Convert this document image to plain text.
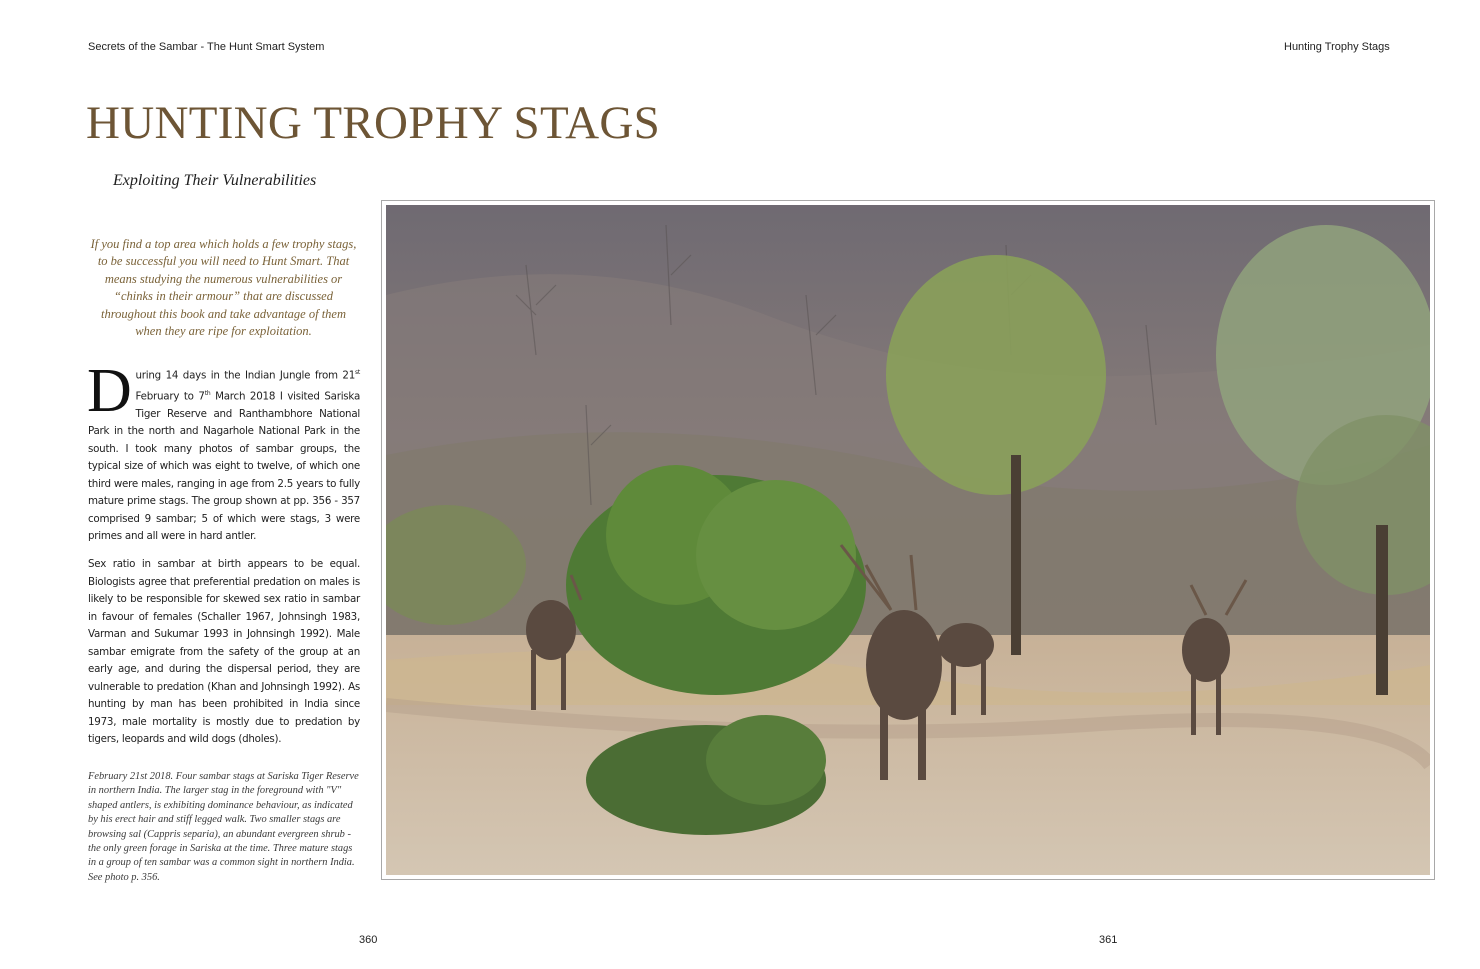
Secrets of the Sambar - The Hunt Smart System	Hunting Trophy Stags
HUNTING TROPHY STAGS
Exploiting Their Vulnerabilities
If you find a top area which holds a few trophy stags, to be successful you will need to Hunt Smart. That means studying the numerous vulnerabilities or “chinks in their armour” that are discussed throughout this book and take advantage of them when they are ripe for exploitation.

During 14 days in the Indian Jungle from 21st February to 7th March 2018 I visited Sariska Tiger Reserve and Ranthambhore National Park in the north and Nagarhole National Park in the south. I took many photos of sambar groups, the typical size of which was eight to twelve, of which one third were males, ranging in age from 2.5 years to fully mature prime stags. The group shown at pp. 356 - 357 comprised 9 sambar; 5 of which were stags, 3 were primes and all were in hard antler.

Sex ratio in sambar at birth appears to be equal. Biologists agree that preferential predation on males is likely to be responsible for skewed sex ratio in sambar in favour of females (Schaller 1967, Johnsingh 1983, Varman and Sukumar 1993 in Johnsingh 1992). Male sambar emigrate from the safety of the group at an early age, and during the dispersal period, they are vulnerable to predation (Khan and Johnsingh 1992). As hunting by man has been prohibited in India since 1973, male mortality is mostly due to predation by tigers, leopards and wild dogs (dholes).

February 21st 2018. Four sambar stags at Sariska Tiger Reserve in northern India. The larger stag in the foreground with "V" shaped antlers, is exhibiting dominance behaviour, as indicated by his erect hair and stiff legged walk. Two smaller stags are browsing sal (Cappris separia), an abundant evergreen shrub - the only green forage in Sariska at the time. Three mature stags in a group of ten sambar was a common sight in northern India. See photo p. 356.

360	361
